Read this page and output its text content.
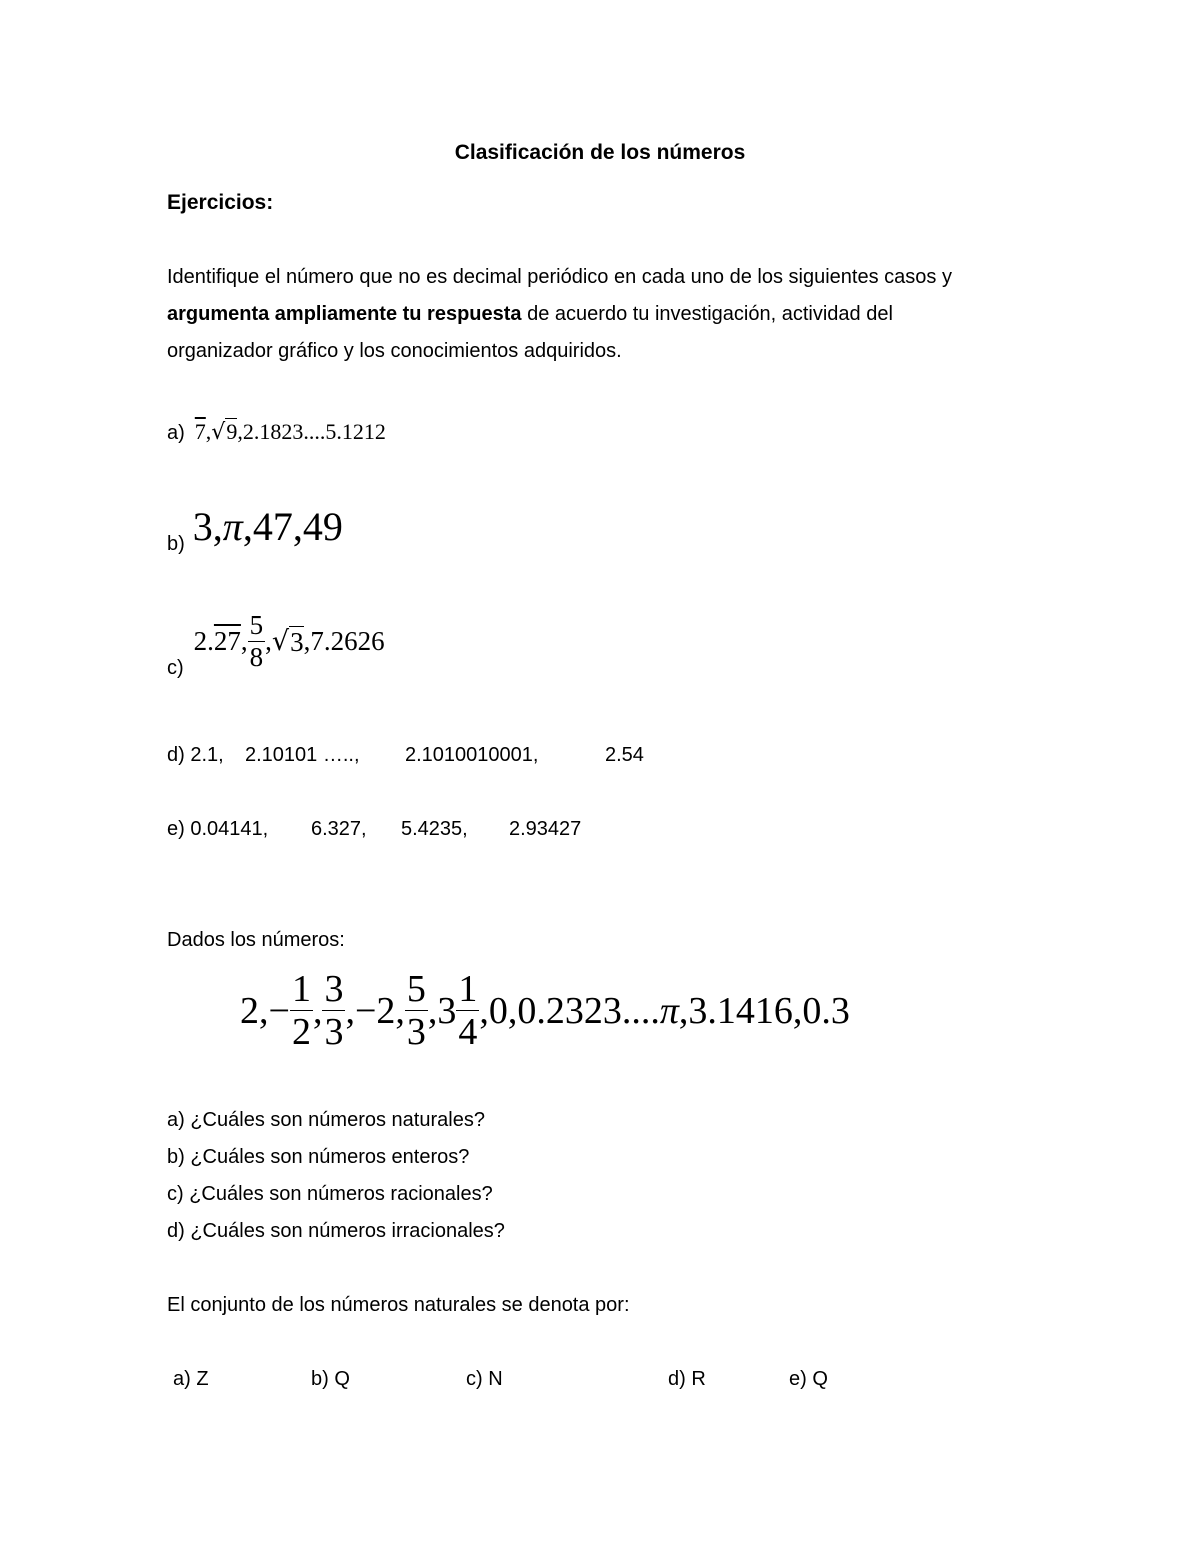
Clasificación de los números
Ejercicios:
Identifique el número que no es decimal periódico en cada uno de los siguientes casos y
argumenta ampliamente tu respuesta de acuerdo tu investigación, actividad del
organizador gráfico y los conocimientos adquiridos.
a) 7,√9,2.1823....5.1212
b) 3,π,47,49
c)
2. 27 , $\frac{5}{8}$ , √ 3 ,7.2626
d) 2.1, 2.10101 ….., 2.1010010001,	2.54
e) 0.04141, 6.327, 5.4235, 2.93427
Dados los números:
$2,- \frac{1}{2}$ , $\frac{3}{3} ,-2$, $\frac{5}{3} ,3 \frac{1}{4} ,0,0.2323$.... π ,3.1416,0.3
a) ¿Cuáles son números naturales?
b) ¿Cuáles son números enteros?
c) ¿Cuáles son números racionales?
d) ¿Cuáles son números irracionales?
El conjunto de los números naturales se denota por:
a) Z	b) Q	c) N	d) R	e) Q
